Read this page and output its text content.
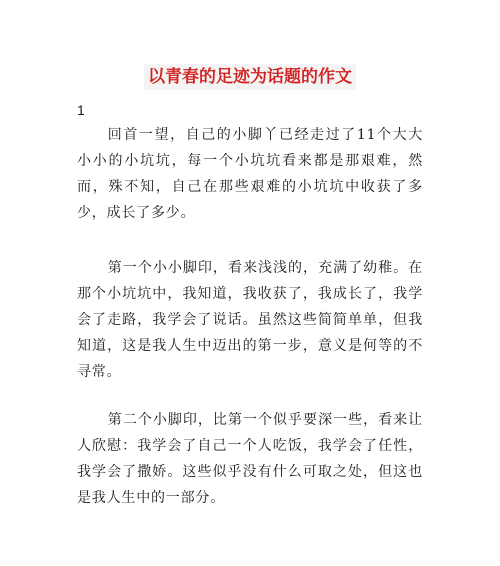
以青春的足迹为话题的作文
1

回首一望，自己的小脚丫已经走过了11个大大小小的小坑坑，每一个小坑坑看来都是那艰难，然而，殊不知，自己在那些艰难的小坑坑中收获了多少，成长了多少。

第一个小小脚印，看来浅浅的，充满了幼稚。在那个小坑坑中，我知道，我收获了，我成长了，我学会了走路，我学会了说话。虽然这些简简单单，但我知道，这是我人生中迈出的第一步，意义是何等的不寻常。

第二个小脚印，比第一个似乎要深一些，看来让人欣慰：我学会了自己一个人吃饭，我学会了任性，我学会了撒娇。这些似乎没有什么可取之处，但这也是我人生中的一部分。
